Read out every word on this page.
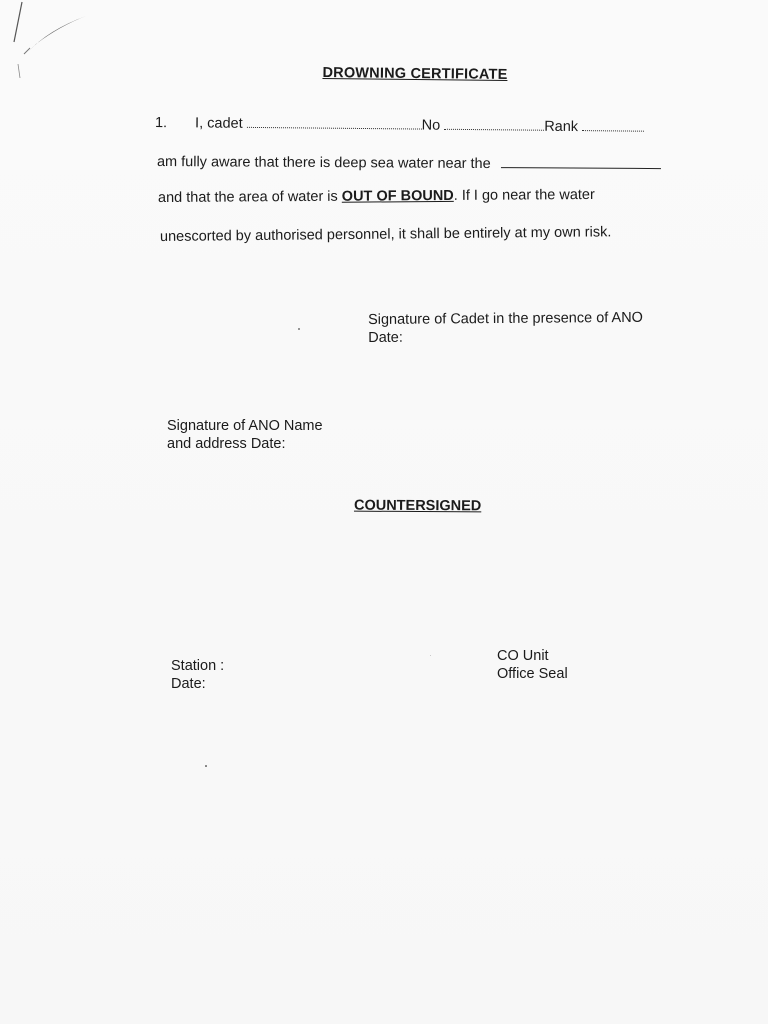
DROWNING CERTIFICATE
1. I, cadet	No	Rank
am fully aware that there is deep sea water near the
and that the area of water is OUT OF BOUND. If I go near the water
unescorted by authorised personnel, it shall be entirely at my own risk.
Signature of Cadet in the presence of ANO
Date:
Signature of ANO Name
and address Date:
COUNTERSIGNED
Station :
Date:
CO Unit
Office Seal
